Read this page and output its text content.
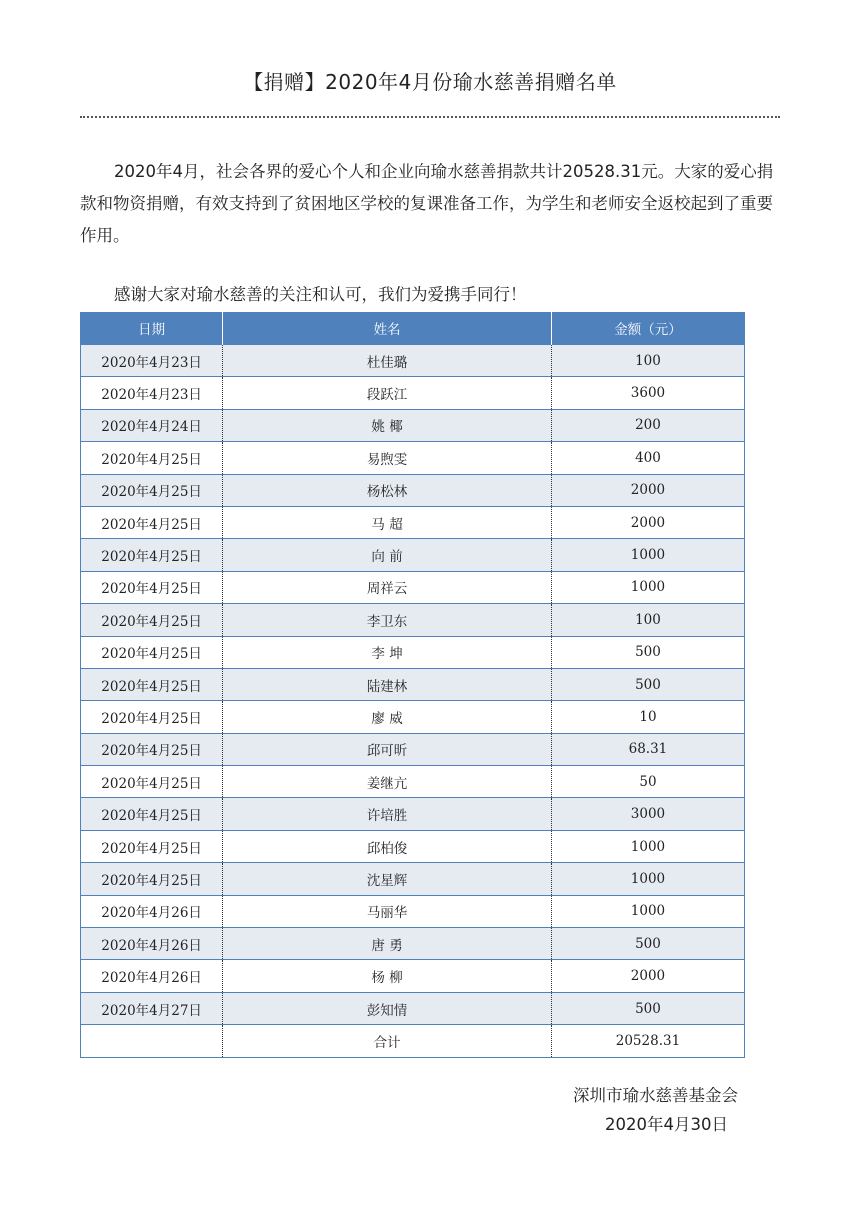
【捐赠】2020年4月份瑜水慈善捐赠名单

2020年4月，社会各界的爱心个人和企业向瑜水慈善捐款共计20528.31元。大家的爱心捐款和物资捐赠，有效支持到了贫困地区学校的复课准备工作，为学生和老师安全返校起到了重要作用。

感谢大家对瑜水慈善的关注和认可，我们为爱携手同行！

日期	姓名	金额（元）
2020年4月23日	杜佳璐	100
2020年4月23日	段跃江	3600
2020年4月24日	姚 椰	200
2020年4月25日	易煦雯	400
2020年4月25日	杨松林	2000
2020年4月25日	马 超	2000
2020年4月25日	向 前	1000
2020年4月25日	周祥云	1000
2020年4月25日	李卫东	100
2020年4月25日	李 坤	500
2020年4月25日	陆建林	500
2020年4月25日	廖 威	10
2020年4月25日	邱可昕	68.31
2020年4月25日	姜继亢	50
2020年4月25日	许培胜	3000
2020年4月25日	邱柏俊	1000
2020年4月25日	沈星辉	1000
2020年4月26日	马丽华	1000
2020年4月26日	唐 勇	500
2020年4月26日	杨 柳	2000
2020年4月27日	彭知情	500
	合计	20528.31
深圳市瑜水慈善基金会
2020年4月30日
